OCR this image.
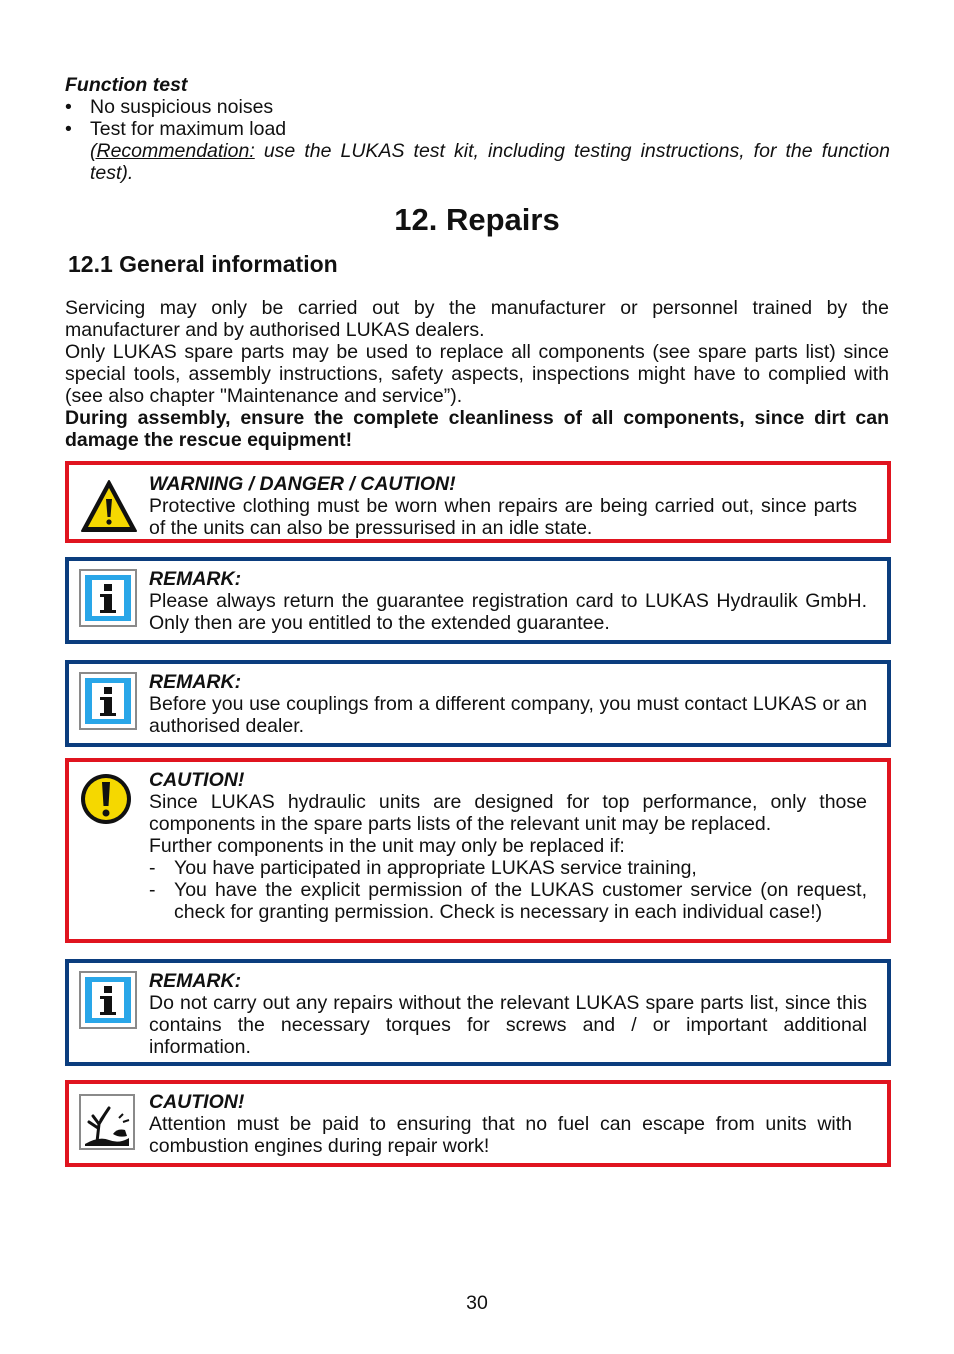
Function test
• No suspicious noises
• Test for maximum load
(Recommendation: use the LUKAS test kit, including testing instructions, for the function test).
12. Repairs
12.1 General information

Servicing may only be carried out by the manufacturer or personnel trained by the manufacturer and by authorised LUKAS dealers.

Only LUKAS spare parts may be used to replace all components (see spare parts list) since special tools, assembly instructions, safety aspects, inspections might have to complied with (see also chapter "Maintenance and service”).

During assembly, ensure the complete cleanliness of all components, since dirt can damage the rescue equipment!

WARNING / DANGER / CAUTION!
Protective clothing must be worn when repairs are being carried out, since parts of the units can also be pressurised in an idle state.
REMARK:
Please always return the guarantee registration card to LUKAS Hydraulik GmbH. Only then are you entitled to the extended guarantee.
REMARK:
Before you use couplings from a different company, you must contact LUKAS or an authorised dealer.
CAUTION!
Since LUKAS hydraulic units are designed for top performance, only those components in the spare parts lists of the relevant unit may be replaced.
Further components in the unit may only be replaced if:
- You have participated in appropriate LUKAS service training,
- You have the explicit permission of the LUKAS customer service (on request, check for granting permission. Check is necessary in each individual case!)
REMARK:
Do not carry out any repairs without the relevant LUKAS spare parts list, since this contains the necessary torques for screws and / or important additional information.
CAUTION!
Attention must be paid to ensuring that no fuel can escape from units with combustion engines during repair work!
30
